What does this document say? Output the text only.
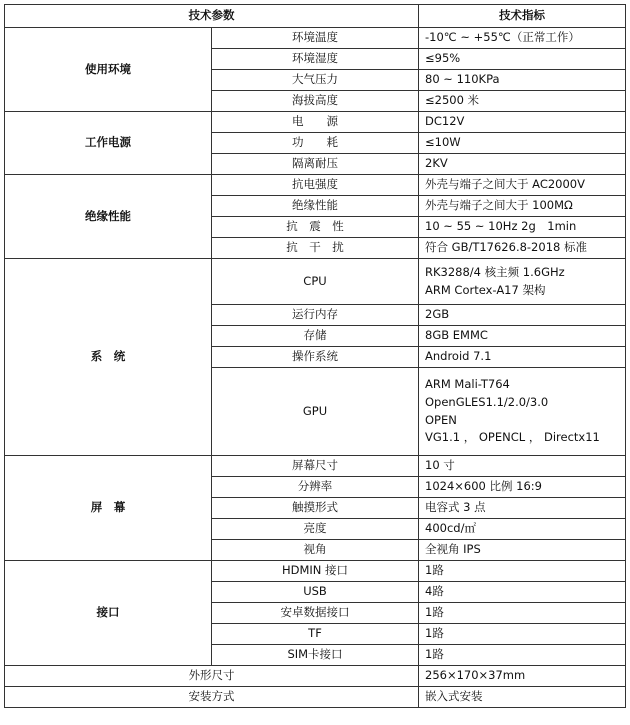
技术参数		技术指标
使用环境	环境温度	-10℃ ~ +55℃（正常工作）

	环境湿度	≤95%

	大气压力	80 ~ 110KPa

	海拔高度	≤2500 米

工作电源	电　　源	DC12V

	功　　耗	≤10W

	隔离耐压	2KV

绝缘性能	抗电强度	外壳与端子之间大于 AC2000V

	绝缘性能	外壳与端子之间大于 100MΩ

	抗　震　性	10 ~ 55 ~ 10Hz 2g　1min

	抗　干　扰	符合 GB/T17626.8-2018 标准

系　统	CPU	RK3288/4 核主频 1.6GHz
ARM Cortex-A17 架构

	运行内存	2GB

	存储	8GB EMMC

	操作系统	Android 7.1

	GPU	ARM Mali-T764
OpenGLES1.1/2.0/3.0
OPEN
VG1.1 ， OPENCL ， Directx11

屏　幕	屏幕尺寸	10 寸

	分辨率	1024×600 比例 16:9

	触摸形式	电容式 3 点

	亮度	400cd/㎡

	视角	全视角 IPS

接口	HDMIN 接口	1路

	USB	4路

	安卓数据接口	1路

	TF	1路

	SIM卡接口	1路

外形尺寸		256×170×37mm
安装方式		嵌入式安装
